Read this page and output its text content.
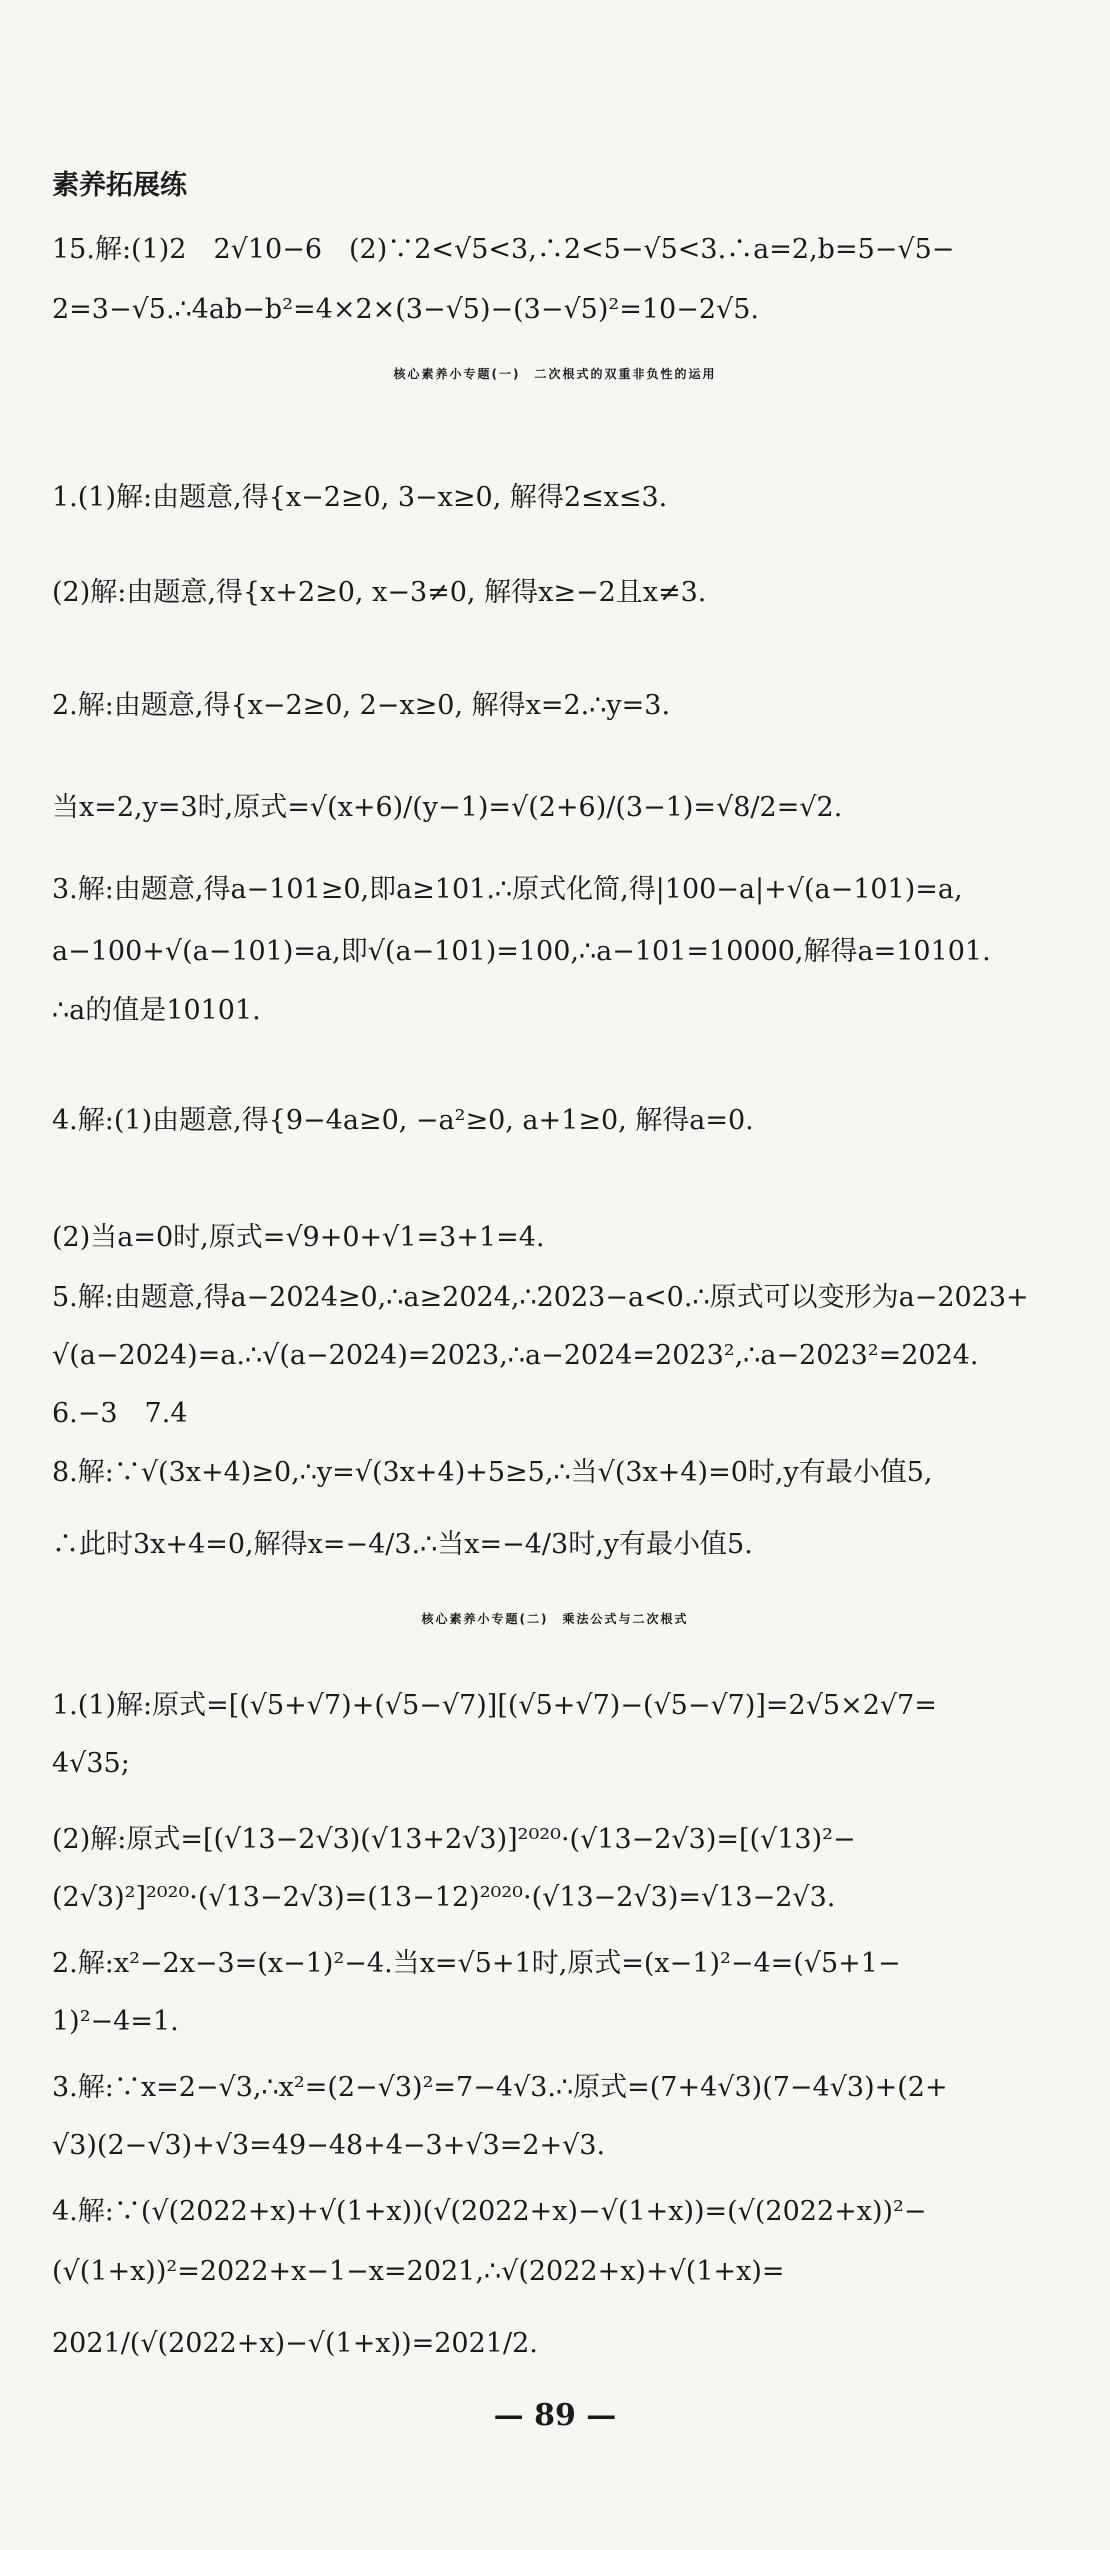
素养拓展练
15.解:(1)2　2√10−6　(2)∵2<√5<3,∴2<5−√5<3.∴a=2,b=5−√5−
2=3−√5.∴4ab−b²=4×2×(3−√5)−(3−√5)²=10−2√5.
核心素养小专题(一)　二次根式的双重非负性的运用
1.(1)解:由题意,得{x−2≥0, 3−x≥0, 解得2≤x≤3.
(2)解:由题意,得{x+2≥0, x−3≠0, 解得x≥−2且x≠3.
2.解:由题意,得{x−2≥0, 2−x≥0, 解得x=2.∴y=3.
当x=2,y=3时,原式=√(x+6)/(y−1)=√(2+6)/(3−1)=√8/2=√2.
3.解:由题意,得a−101≥0,即a≥101.∴原式化简,得|100−a|+√(a−101)=a,
a−100+√(a−101)=a,即√(a−101)=100,∴a−101=10000,解得a=10101.
∴a的值是10101.
4.解:(1)由题意,得{9−4a≥0, −a²≥0, a+1≥0, 解得a=0.
(2)当a=0时,原式=√9+0+√1=3+1=4.
5.解:由题意,得a−2024≥0,∴a≥2024,∴2023−a<0.∴原式可以变形为a−2023+
√(a−2024)=a.∴√(a−2024)=2023,∴a−2024=2023²,∴a−2023²=2024.
6.−3　7.4
8.解:∵√(3x+4)≥0,∴y=√(3x+4)+5≥5,∴当√(3x+4)=0时,y有最小值5,
∴此时3x+4=0,解得x=−4/3.∴当x=−4/3时,y有最小值5.
核心素养小专题(二)　乘法公式与二次根式
1.(1)解:原式=[(√5+√7)+(√5−√7)][(√5+√7)−(√5−√7)]=2√5×2√7=
4√35;
(2)解:原式=[(√13−2√3)(√13+2√3)]²⁰²⁰·(√13−2√3)=[(√13)²−
(2√3)²]²⁰²⁰·(√13−2√3)=(13−12)²⁰²⁰·(√13−2√3)=√13−2√3.
2.解:x²−2x−3=(x−1)²−4.当x=√5+1时,原式=(x−1)²−4=(√5+1−
1)²−4=1.
3.解:∵x=2−√3,∴x²=(2−√3)²=7−4√3.∴原式=(7+4√3)(7−4√3)+(2+
√3)(2−√3)+√3=49−48+4−3+√3=2+√3.
4.解:∵(√(2022+x)+√(1+x))(√(2022+x)−√(1+x))=(√(2022+x))²−
(√(1+x))²=2022+x−1−x=2021,∴√(2022+x)+√(1+x)=
2021/(√(2022+x)−√(1+x))=2021/2.
— 89 —
